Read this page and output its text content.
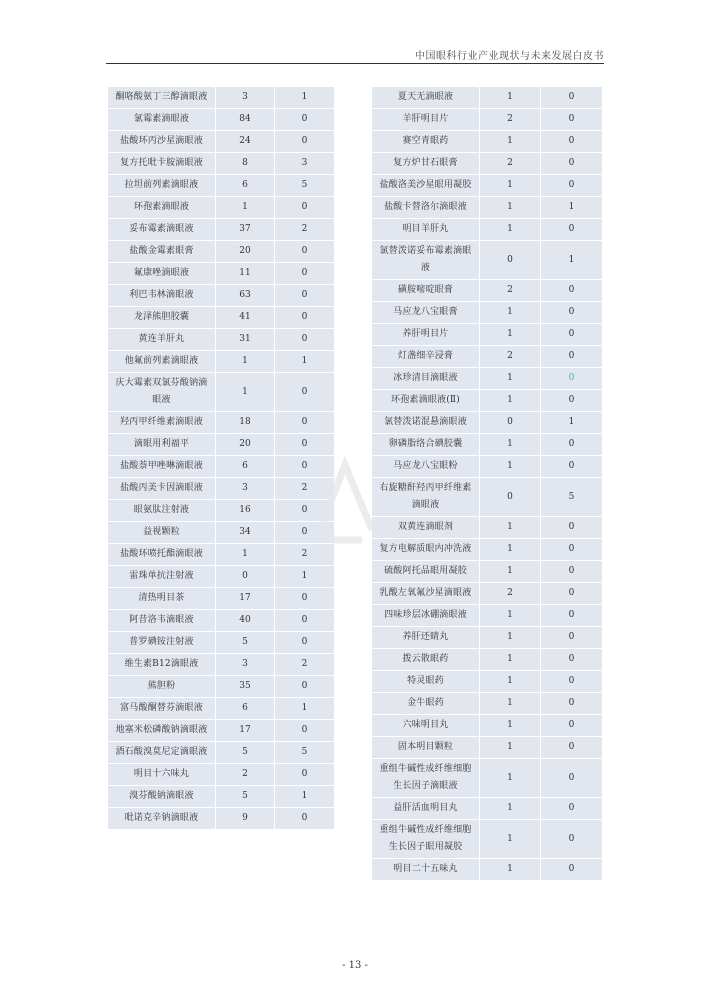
中国眼科行业产业现状与未来发展白皮书
酮咯酸氨丁三醇滴眼液	3	1
氯霉素滴眼液	84	0
盐酸环丙沙星滴眼液	24	0
复方托吡卡胺滴眼液	8	3
拉坦前列素滴眼液	6	5
环孢素滴眼液	1	0
妥布霉素滴眼液	37	2
盐酸金霉素眼膏	20	0
氟康唑滴眼液	11	0
利巴韦林滴眼液	63	0
龙泽熊胆胶囊	41	0
黄连羊肝丸	31	0
他氟前列素滴眼液	1	1
庆大霉素双氯芬酸钠滴眼液	1	0
羟丙甲纤维素滴眼液	18	0
滴眼用利福平	20	0
盐酸萘甲唑啉滴眼液	6	0
盐酸丙美卡因滴眼液	3	2
眼氨肽注射液	16	0
益视颗粒	34	0
盐酸环喷托酯滴眼液	1	2
雷珠单抗注射液	0	1
清热明目茶	17	0
阿昔洛韦滴眼液	40	0
普罗碘铵注射液	5	0
维生素B12滴眼液	3	2
熊胆粉	35	0
富马酸酮替芬滴眼液	6	1
地塞米松磷酸钠滴眼液	17	0
酒石酸溴莫尼定滴眼液	5	5
明目十六味丸	2	0
溴芬酸钠滴眼液	5	1
吡诺克辛钠滴眼液	9	0
夏天无滴眼液	1	0
羊肝明目片	2	0
赛空青眼药	1	0
复方炉甘石眼膏	2	0
盐酸洛美沙星眼用凝胶	1	0
盐酸卡替洛尔滴眼液	1	1
明目羊肝丸	1	0
氯替泼诺妥布霉素滴眼液	0	1
磺胺嘧啶眼膏	2	0
马应龙八宝眼膏	1	0
养肝明目片	1	0
灯盏细辛浸膏	2	0
冰珍清目滴眼液	1	0
环孢素滴眼液(Ⅱ)	1	0
氯替泼诺混悬滴眼液	0	1
卵磷脂络合碘胶囊	1	0
马应龙八宝眼粉	1	0
右旋糖酐羟丙甲纤维素滴眼液	0	5
双黄连滴眼剂	1	0
复方电解质眼内冲洗液	1	0
硫酸阿托品眼用凝胶	1	0
乳酸左氧氟沙星滴眼液	2	0
四味珍层冰硼滴眼液	1	0
养肝还睛丸	1	0
拨云散眼药	1	0
特灵眼药	1	0
金牛眼药	1	0
六味明目丸	1	0
固本明目颗粒	1	0
重组牛碱性成纤维细胞生长因子滴眼液	1	0
益肝活血明目丸	1	0
重组牛碱性成纤维细胞生长因子眼用凝胶	1	0
明目二十五味丸	1	0
- 13 -
